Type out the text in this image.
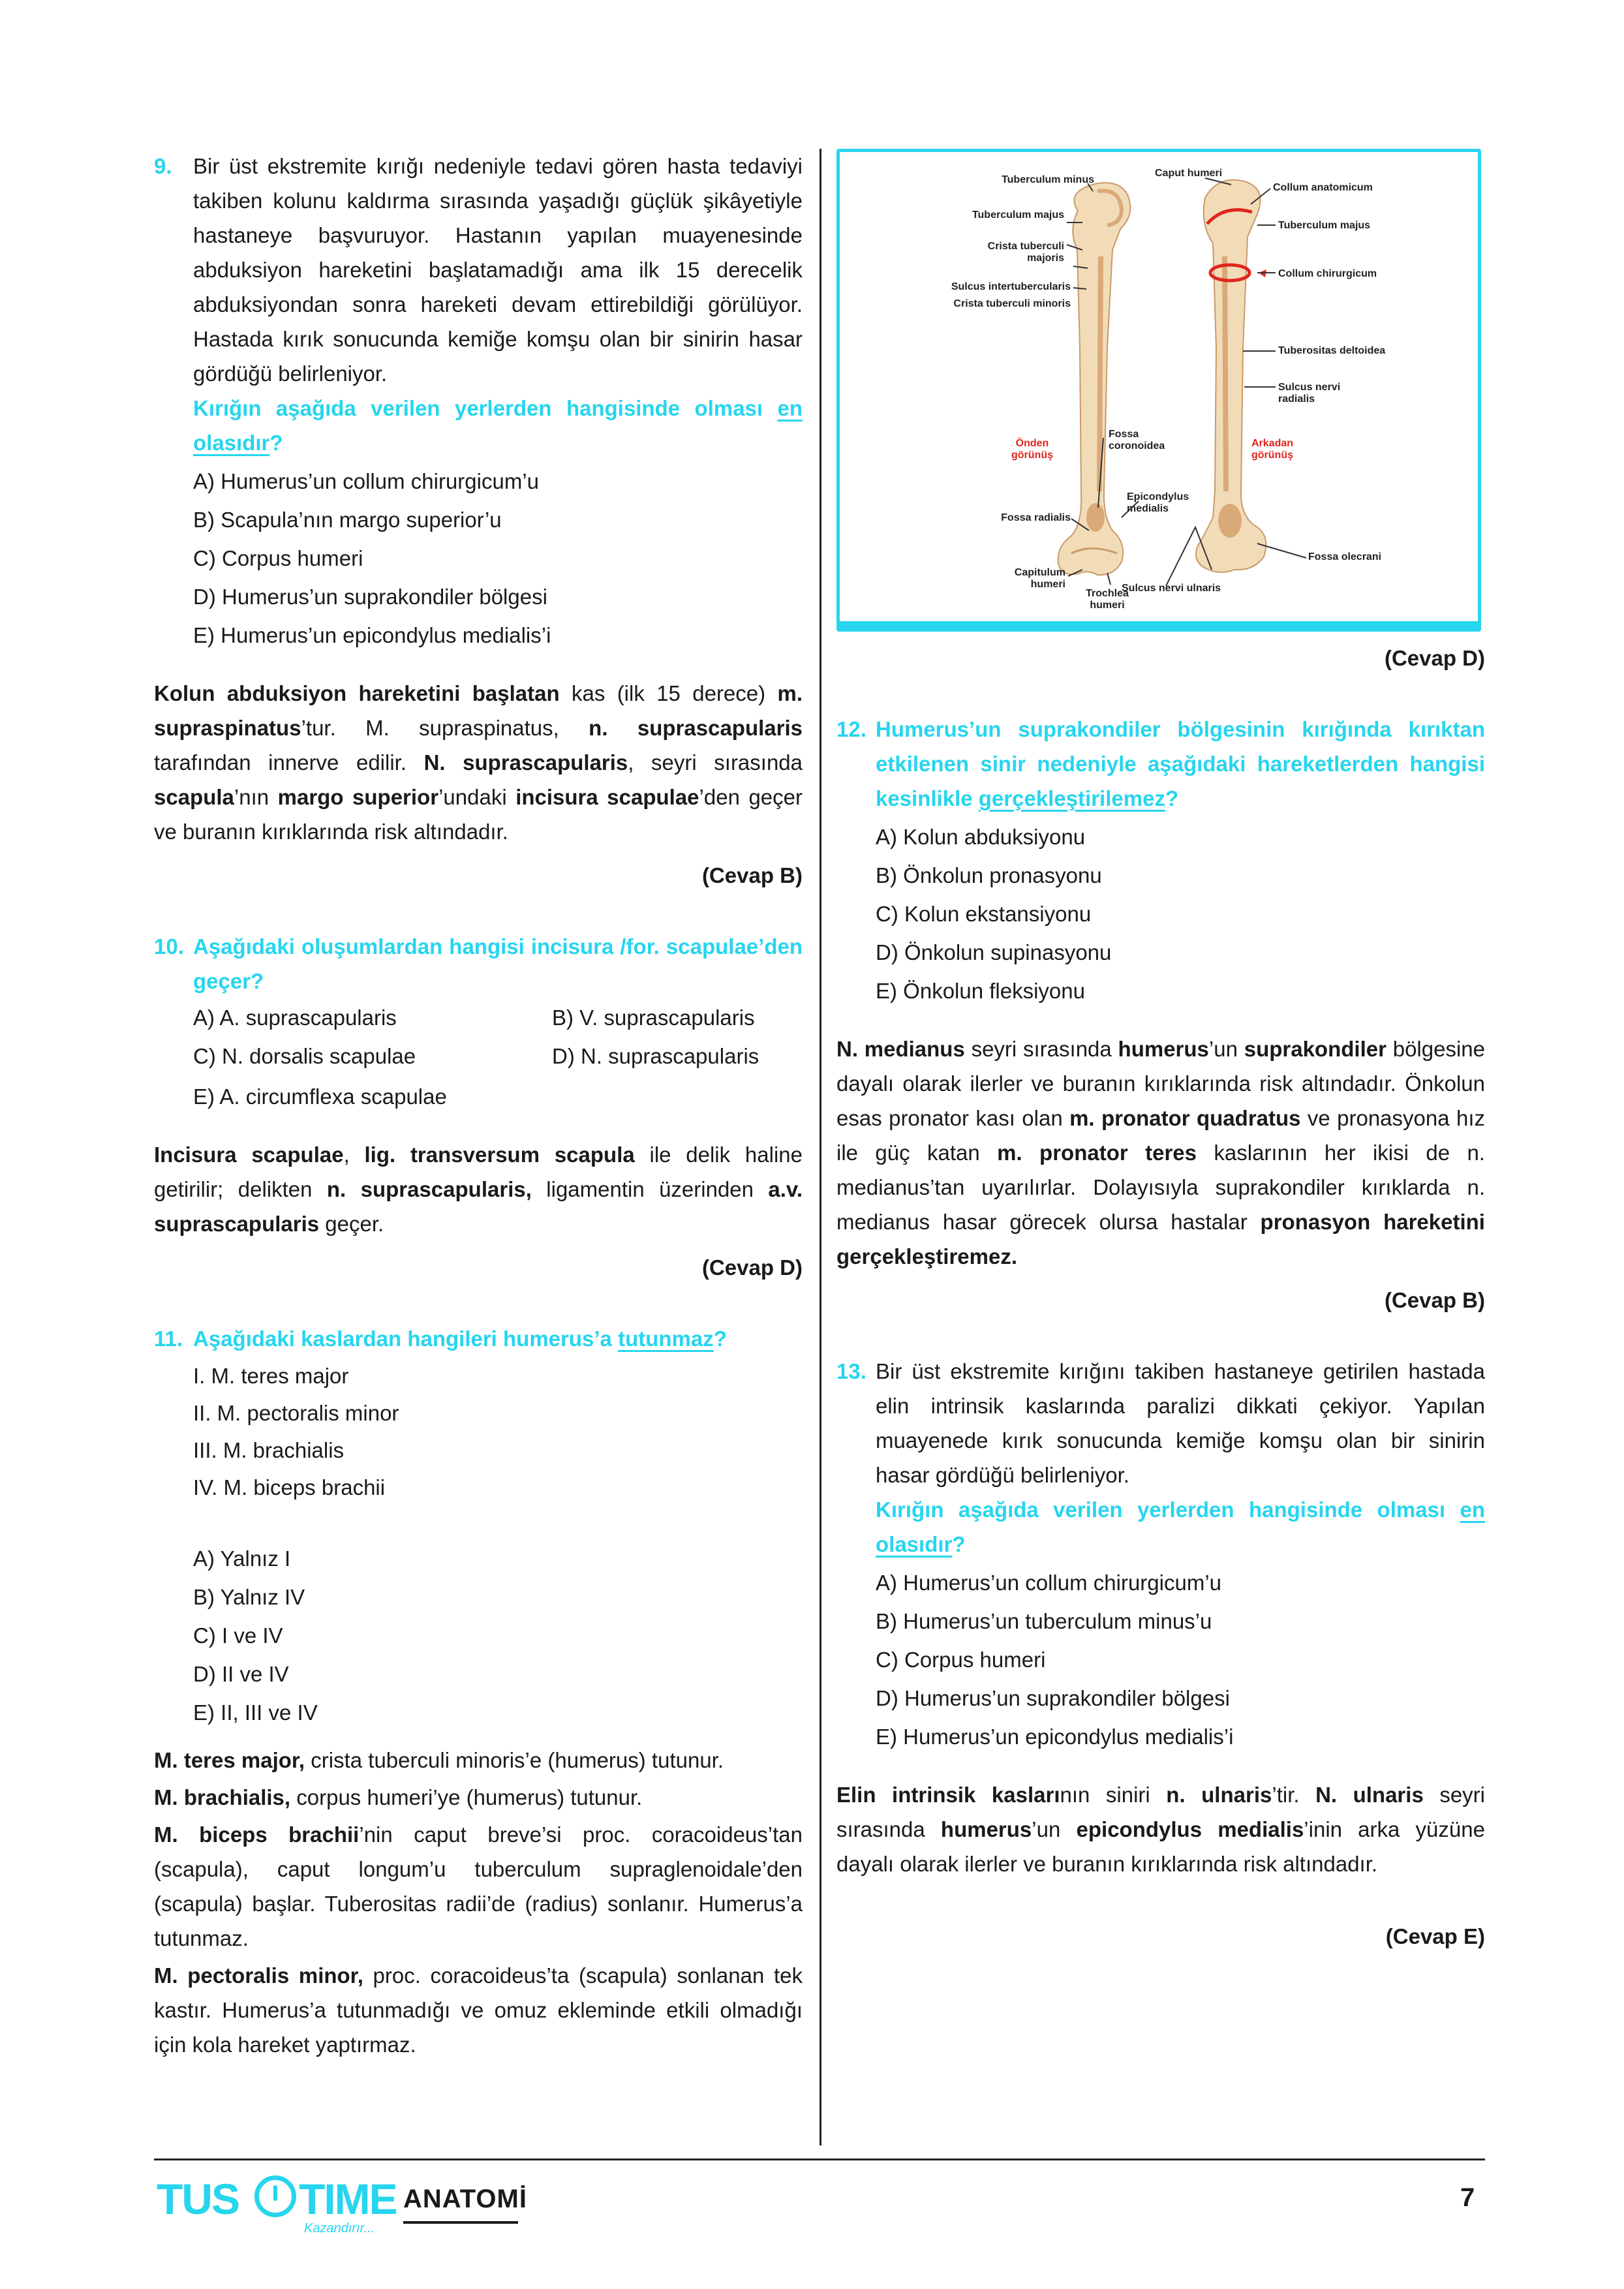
9. Bir üst ekstremite kırığı nedeniyle tedavi gören hasta tedaviyi takiben kolunu kaldırma sırasında yaşadığı güçlük şikâyetiyle hastaneye başvuruyor. Hastanın yapılan muayenesinde abduksiyon hareketini başlatamadığı ama ilk 15 derecelik abduksiyondan sonra hareketi devam ettirebildiği görülüyor. Hastada kırık sonucunda kemiğe komşu olan bir sinirin hasar gördüğü belirleniyor.

Kırığın aşağıda verilen yerlerden hangisinde olması en olasıdır?

A) Humerus’un collum chirurgicum’u
B) Scapula’nın margo superior’u
C) Corpus humeri
D) Humerus’un suprakondiler bölgesi
E) Humerus’un epicondylus medialis’i

Kolun abduksiyon hareketini başlatan kas (ilk 15 derece) m. supraspinatus’tur. M. supraspinatus, n. suprascapularis tarafından innerve edilir. N. suprascapularis, seyri sırasında scapula’nın margo superior’undaki incisura scapulae’den geçer ve buranın kırıklarında risk altındadır.

(Cevap B)
10. Aşağıdaki oluşumlardan hangisi incisura /for. scapulae’den geçer?

A) A. suprascapularis	B) V. suprascapularis
C) N. dorsalis scapulae	D) N. suprascapularis
E) A. circumflexa scapulae

Incisura scapulae, lig. transversum scapula ile delik haline getirilir; delikten n. suprascapularis, ligamentin üzerinden a.v. suprascapularis geçer.

(Cevap D)
11. Aşağıdaki kaslardan hangileri humerus’a tutunmaz?

I. M. teres major
II. M. pectoralis minor
III. M. brachialis
IV. M. biceps brachii
A) Yalnız I
B) Yalnız IV
C) I ve IV
D) II ve IV
E) II, III ve IV

M. teres major, crista tuberculi minoris’e (humerus) tutunur.

M. brachialis, corpus humeri’ye (humerus) tutunur.

M. biceps brachii’nin caput breve’si proc. coracoideus’tan (scapula), caput longum’u tuberculum supraglenoidale’den (scapula) başlar. Tuberositas radii’de (radius) sonlanır. Humerus’a tutunmaz.

M. pectoralis minor, proc. coracoideus’ta (scapula) sonlanan tek kastır. Humerus’a tutunmadığı ve omuz ekleminde etkili olmadığı için kola hareket yaptırmaz.

Tuberculum minus
Caput humeri
Collum anatomicum
Tuberculum majus
Tuberculum majus
Crista tuberculi majoris
Collum chirurgicum
Sulcus intertubercularis
Crista tuberculi minoris
Tuberositas deltoidea
Sulcus nervi radialis
Önden görünüş
Fossa coronoidea	Arkadan görünüş
Epicondylus medialis
Fossa radialis
Fossa olecrani
Capitulum humeri
Trochlea humeri
Sulcus nervi ulnaris
(Cevap D)
12. Humerus’un suprakondiler bölgesinin kırığında kırıktan etkilenen sinir nedeniyle aşağıdaki hareketlerden hangisi kesinlikle gerçekleştirilemez?

A) Kolun abduksiyonu
B) Önkolun pronasyonu
C) Kolun ekstansiyonu
D) Önkolun supinasyonu
E) Önkolun fleksiyonu

N. medianus seyri sırasında humerus’un suprakondiler bölgesine dayalı olarak ilerler ve buranın kırıklarında risk altındadır. Önkolun esas pronator kası olan m. pronator quadratus ve pronasyona hız ile güç katan m. pronator teres kaslarının her ikisi de n. medianus’tan uyarılırlar. Dolayısıyla suprakondiler kırıklarda n. medianus hasar görecek olursa hastalar pronasyon hareketini gerçekleştiremez.

(Cevap B)
13. Bir üst ekstremite kırığını takiben hastaneye getirilen hastada elin intrinsik kaslarında paralizi dikkati çekiyor. Yapılan muayenede kırık sonucunda kemiğe komşu olan bir sinirin hasar gördüğü belirleniyor.

Kırığın aşağıda verilen yerlerden hangisinde olması en olasıdır?

A) Humerus’un collum chirurgicum’u
B) Humerus’un tuberculum minus’u
C) Corpus humeri
D) Humerus’un suprakondiler bölgesi
E) Humerus’un epicondylus medialis’i

Elin intrinsik kaslarının siniri n. ulnaris’tir. N. ulnaris seyri sırasında humerus’un epicondylus medialis’inin arka yüzüne dayalı olarak ilerler ve buranın kırıklarında risk altındadır.

(Cevap E)
TUS TIME
Kazandırır...
ANATOMİ	7
